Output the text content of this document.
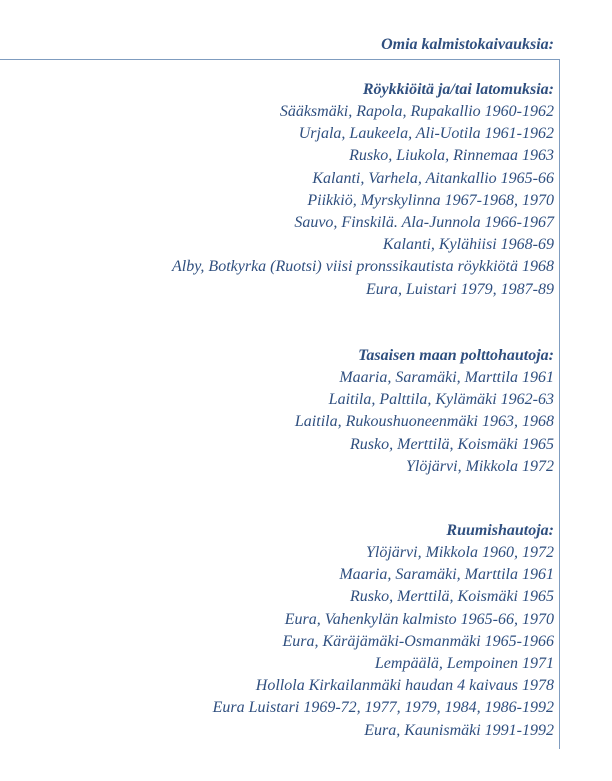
Omia kalmistokaivauksia:
Röykkiöitä ja/tai latomuksia:
Sääksmäki, Rapola, Rupakallio 1960-1962
Urjala, Laukeela, Ali-Uotila 1961-1962
Rusko, Liukola, Rinnemaa 1963
Kalanti, Varhela, Aitankallio 1965-66
Piikkiö, Myrskylinna 1967-1968, 1970
Sauvo, Finskilä. Ala-Junnola 1966-1967
Kalanti, Kylähiisi 1968-69
Alby, Botkyrka (Ruotsi) viisi pronssikautista röykkiötä 1968
Eura, Luistari 1979, 1987-89
Tasaisen maan polttohautoja:
Maaria, Saramäki, Marttila 1961
Laitila, Palttila, Kylämäki 1962-63
Laitila, Rukoushuoneenmäki 1963, 1968
Rusko, Merttilä, Koismäki 1965
Ylöjärvi, Mikkola 1972
Ruumishautoja:
Ylöjärvi, Mikkola 1960, 1972
Maaria, Saramäki, Marttila 1961
Rusko, Merttilä, Koismäki 1965
Eura, Vahenkylän kalmisto 1965-66, 1970
Eura, Käräjämäki-Osmanmäki 1965-1966
Lempäälä, Lempoinen 1971
Hollola Kirkailanmäki haudan 4 kaivaus 1978
Eura Luistari 1969-72, 1977, 1979, 1984, 1986-1992
Eura, Kaunismäki 1991-1992
